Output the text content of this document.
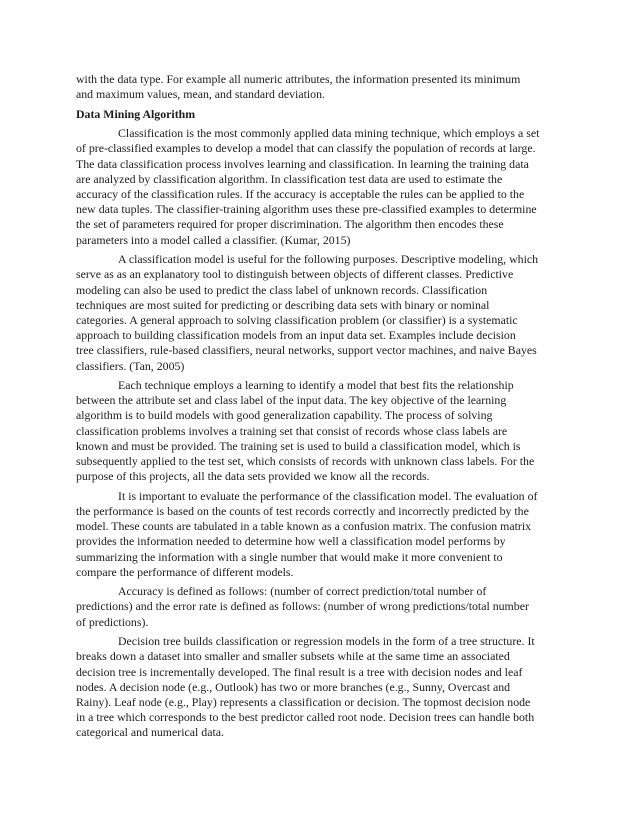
with the data type. For example all numeric attributes, the information presented its minimum
and maximum values, mean, and standard deviation.

Data Mining Algorithm

Classification is the most commonly applied data mining technique, which employs a set
of pre-classified examples to develop a model that can classify the population of records at large.
The data classification process involves learning and classification. In learning the training data
are analyzed by classification algorithm. In classification test data are used to estimate the
accuracy of the classification rules. If the accuracy is acceptable the rules can be applied to the
new data tuples. The classifier-training algorithm uses these pre-classified examples to determine
the set of parameters required for proper discrimination. The algorithm then encodes these
parameters into a model called a classifier. (Kumar, 2015)

A classification model is useful for the following purposes. Descriptive modeling, which
serve as as an explanatory tool to distinguish between objects of different classes. Predictive
modeling can also be used to predict the class label of unknown records. Classification
techniques are most suited for predicting or describing data sets with binary or nominal
categories. A general approach to solving classification problem (or classifier) is a systematic
approach to building classification models from an input data set. Examples include decision
tree classifiers, rule-based classifiers, neural networks, support vector machines, and naive Bayes
classifiers. (Tan, 2005)

Each technique employs a learning to identify a model that best fits the relationship
between the attribute set and class label of the input data. The key objective of the learning
algorithm is to build models with good generalization capability. The process of solving
classification problems involves a training set that consist of records whose class labels are
known and must be provided. The training set is used to build a classification model, which is
subsequently applied to the test set, which consists of records with unknown class labels. For the
purpose of this projects, all the data sets provided we know all the records.

It is important to evaluate the performance of the classification model. The evaluation of
the performance is based on the counts of test records correctly and incorrectly predicted by the
model. These counts are tabulated in a table known as a confusion matrix. The confusion matrix
provides the information needed to determine how well a classification model performs by
summarizing the information with a single number that would make it more convenient to
compare the performance of different models.

Accuracy is defined as follows: (number of correct prediction/total number of
predictions) and the error rate is defined as follows: (number of wrong predictions/total number
of predictions).

Decision tree builds classification or regression models in the form of a tree structure. It
breaks down a dataset into smaller and smaller subsets while at the same time an associated
decision tree is incrementally developed. The final result is a tree with decision nodes and leaf
nodes. A decision node (e.g., Outlook) has two or more branches (e.g., Sunny, Overcast and
Rainy). Leaf node (e.g., Play) represents a classification or decision. The topmost decision node
in a tree which corresponds to the best predictor called root node. Decision trees can handle both
categorical and numerical data.
